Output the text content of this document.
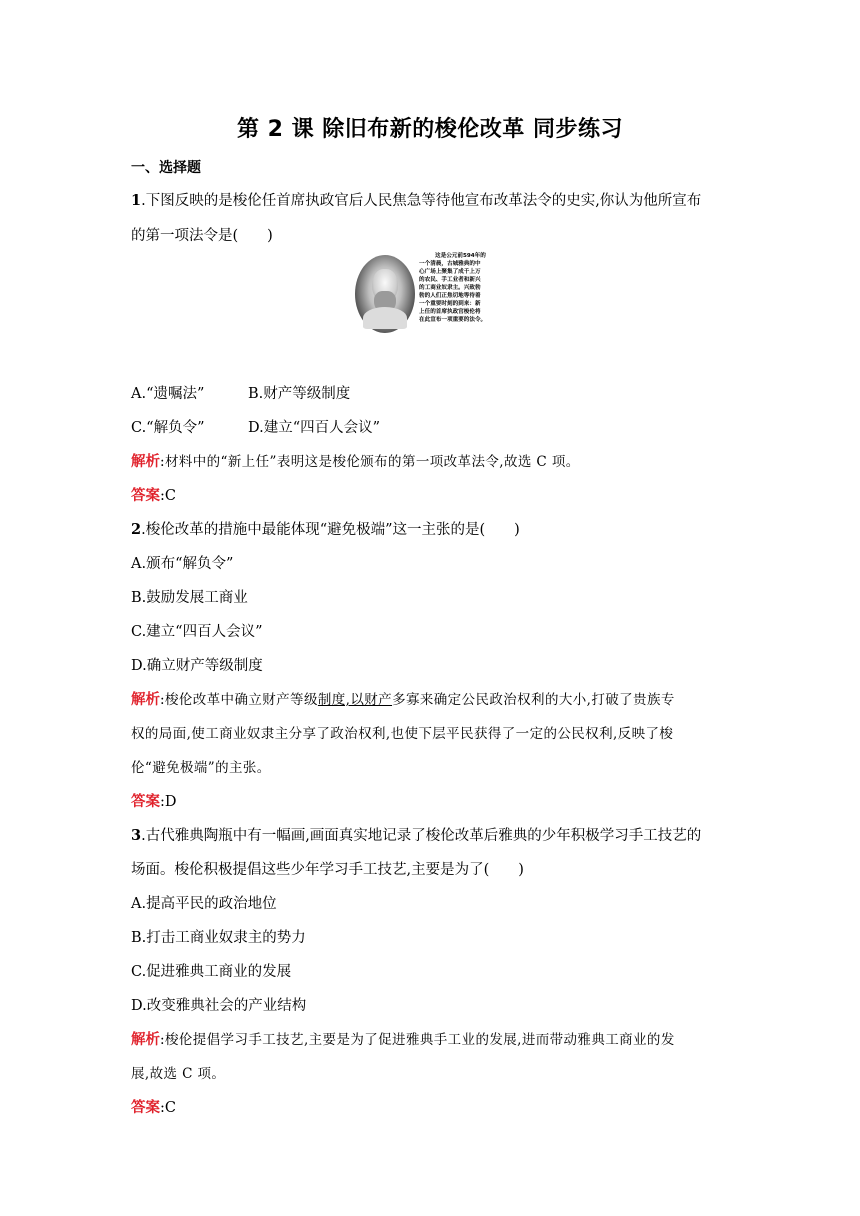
第 2 课 除旧布新的梭伦改革 同步练习
一、选择题
1.下图反映的是梭伦任首席执政官后人民焦急等待他宣布改革法令的史实,你认为他所宣布
的第一项法令是(　　)
这是公元前594年的
一个清晨，古城雅典的中
心广场上聚集了成千上万
的农民、手工业者和新兴
的工商业奴隶主。兴致勃
勃的人们正焦切地等待着
一个重要时刻的到来：新
上任的首席执政官梭伦将
在此宣布一项重要的法令。
A.“遗嘱法”	B.财产等级制度
C.“解负令”	D.建立“四百人会议”
解析:材料中的“新上任”表明这是梭伦颁布的第一项改革法令,故选 C 项。
答案:C
2.梭伦改革的措施中最能体现“避免极端”这一主张的是(　　)
A.颁布“解负令”
B.鼓励发展工商业
C.建立“四百人会议”
D.确立财产等级制度
解析:梭伦改革中确立财产等级制度,以财产多寡来确定公民政治权利的大小,打破了贵族专
权的局面,使工商业奴隶主分享了政治权利,也使下层平民获得了一定的公民权利,反映了梭
伦“避免极端”的主张。
答案:D
3.古代雅典陶瓶中有一幅画,画面真实地记录了梭伦改革后雅典的少年积极学习手工技艺的
场面。梭伦积极提倡这些少年学习手工技艺,主要是为了(　　)
A.提高平民的政治地位
B.打击工商业奴隶主的势力
C.促进雅典工商业的发展
D.改变雅典社会的产业结构
解析:梭伦提倡学习手工技艺,主要是为了促进雅典手工业的发展,进而带动雅典工商业的发
展,故选 C 项。
答案:C
